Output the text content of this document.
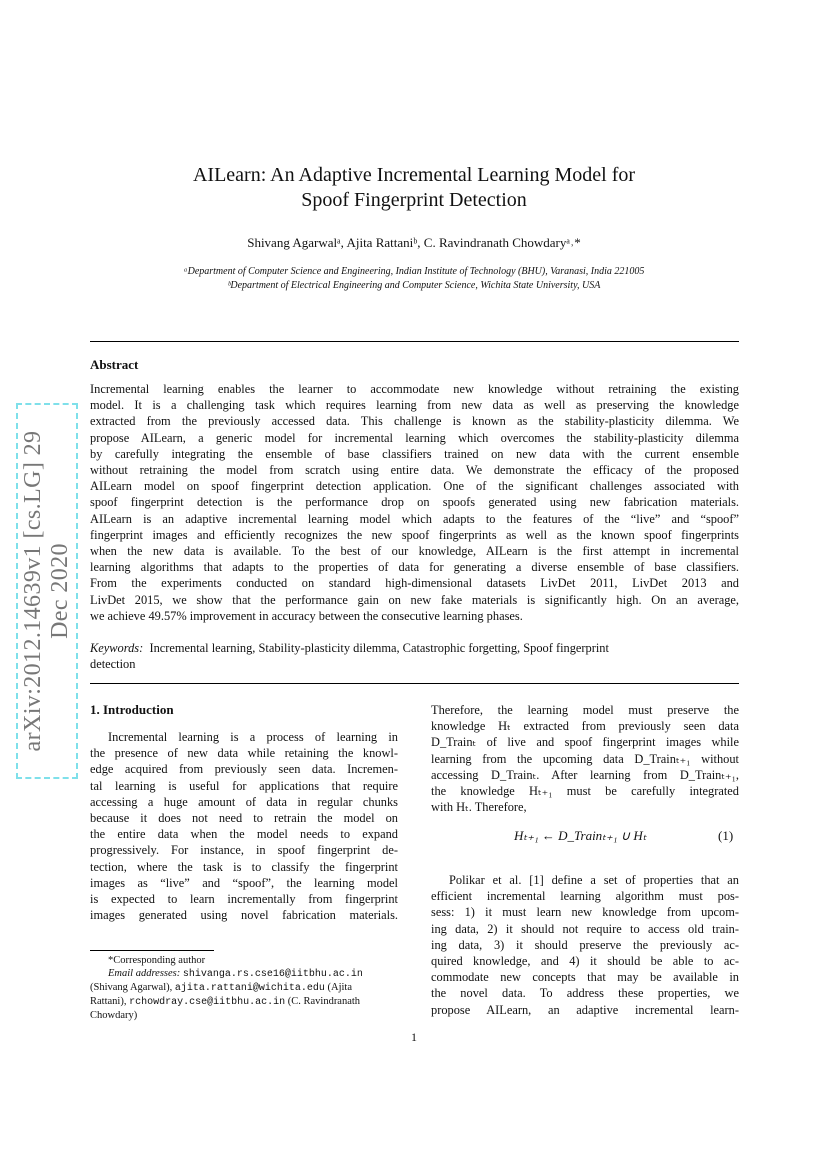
arXiv:2012.14639v1 [cs.LG] 29 Dec 2020
AILearn: An Adaptive Incremental Learning Model for
Spoof Fingerprint Detection
Shivang Agarwalᵃ, Ajita Rattaniᵇ, C. Ravindranath Chowdaryᵃ˒*
ᵃDepartment of Computer Science and Engineering, Indian Institute of Technology (BHU), Varanasi, India 221005
ᵇDepartment of Electrical Engineering and Computer Science, Wichita State University, USA
Abstract
Incremental learning enables the learner to accommodate new knowledge without retraining the existing
model. It is a challenging task which requires learning from new data as well as preserving the knowledge
extracted from the previously accessed data. This challenge is known as the stability-plasticity dilemma. We
propose AILearn, a generic model for incremental learning which overcomes the stability-plasticity dilemma
by carefully integrating the ensemble of base classifiers trained on new data with the current ensemble
without retraining the model from scratch using entire data. We demonstrate the efficacy of the proposed
AILearn model on spoof fingerprint detection application. One of the significant challenges associated with
spoof fingerprint detection is the performance drop on spoofs generated using new fabrication materials.
AILearn is an adaptive incremental learning model which adapts to the features of the “live” and “spoof”
fingerprint images and efficiently recognizes the new spoof fingerprints as well as the known spoof fingerprints
when the new data is available. To the best of our knowledge, AILearn is the first attempt in incremental
learning algorithms that adapts to the properties of data for generating a diverse ensemble of base classifiers.
From the experiments conducted on standard high-dimensional datasets LivDet 2011, LivDet 2013 and
LivDet 2015, we show that the performance gain on new fake materials is significantly high. On an average,
we achieve 49.57% improvement in accuracy between the consecutive learning phases.
Keywords: Incremental learning, Stability-plasticity dilemma, Catastrophic forgetting, Spoof fingerprint
detection
1. Introduction
Incremental learning is a process of learning in
the presence of new data while retaining the knowl-
edge acquired from previously seen data. Incremen-
tal learning is useful for applications that require
accessing a huge amount of data in regular chunks
because it does not need to retrain the model on
the entire data when the model needs to expand
progressively. For instance, in spoof fingerprint de-
tection, where the task is to classify the fingerprint
images as “live” and “spoof”, the learning model
is expected to learn incrementally from fingerprint
images generated using novel fabrication materials.
*Corresponding author
Email addresses: shivanga.rs.cse16@iitbhu.ac.in
(Shivang Agarwal), ajita.rattani@wichita.edu (Ajita
Rattani), rchowdray.cse@iitbhu.ac.in (C. Ravindranath
Chowdary)
Therefore, the learning model must preserve the
knowledge Hₜ extracted from previously seen data
D_Trainₜ of live and spoof fingerprint images while
learning from the upcoming data D_Trainₜ₊₁ without
accessing D_Trainₜ. After learning from D_Trainₜ₊₁,
the knowledge Hₜ₊₁ must be carefully integrated
with Hₜ. Therefore,
Hₜ₊₁ ← D_Trainₜ₊₁ ∪ Hₜ	(1)
Polikar et al. [1] define a set of properties that an
efficient incremental learning algorithm must pos-
sess: 1) it must learn new knowledge from upcom-
ing data, 2) it should not require to access old train-
ing data, 3) it should preserve the previously ac-
quired knowledge, and 4) it should be able to ac-
commodate new concepts that may be available in
the novel data. To address these properties, we
propose AILearn, an adaptive incremental learn-
1
